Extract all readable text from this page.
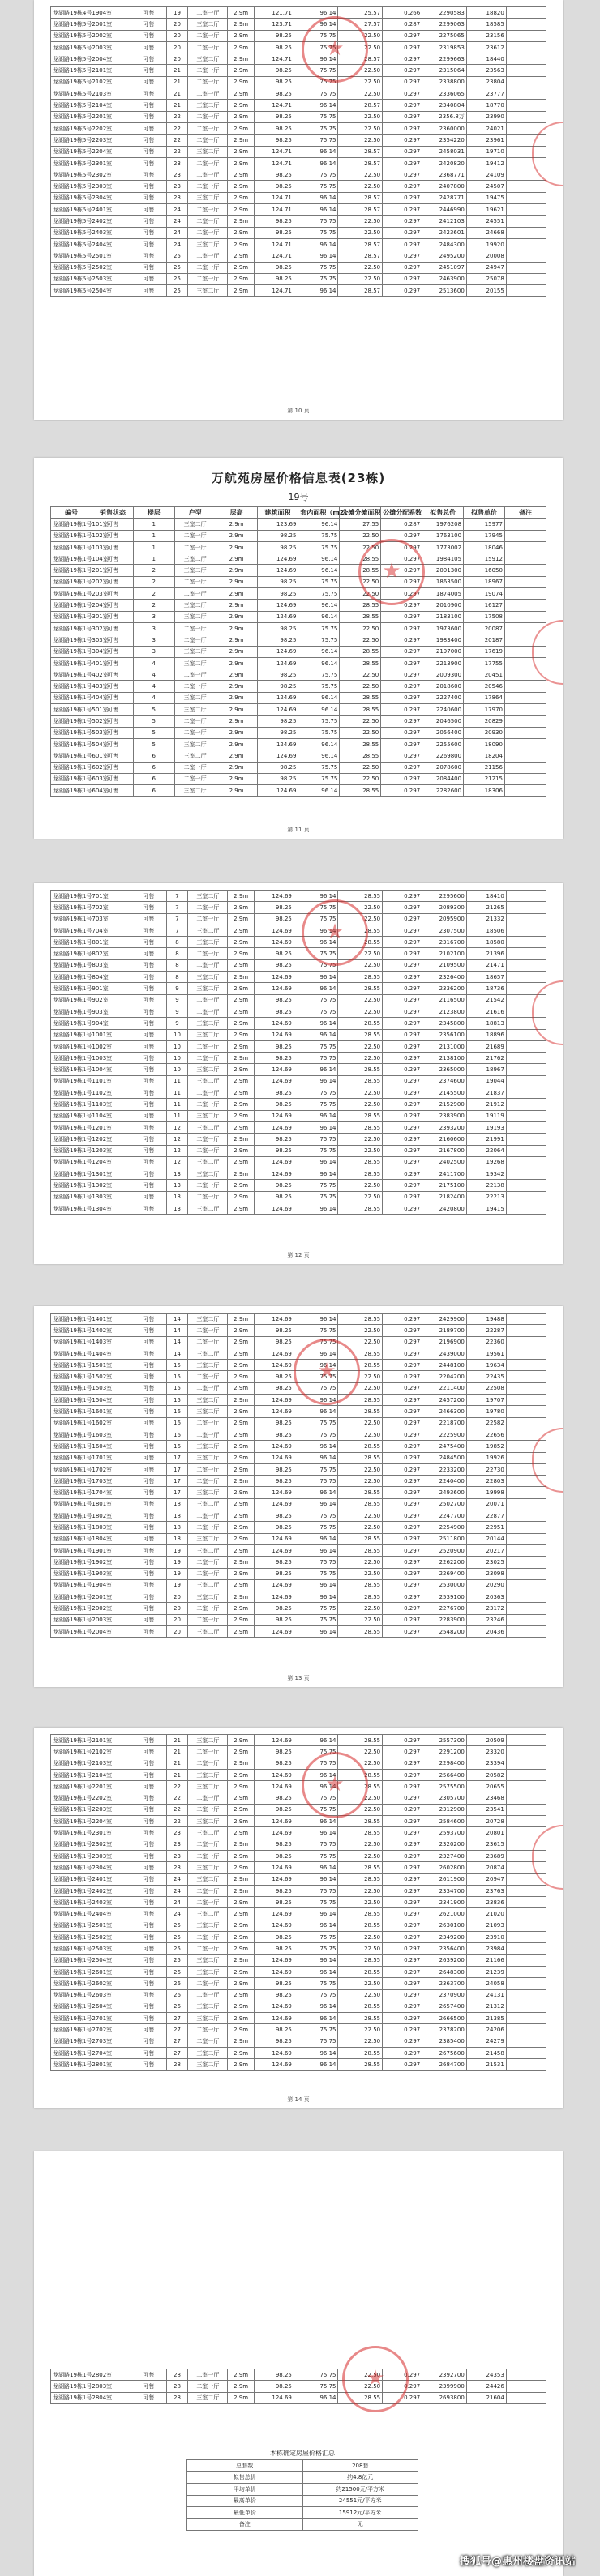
龙湖路19栋4号1904室	可售	19	二室一厅	2.9m	121.71	96.14	25.57	0.266	2290583	18820	
龙湖路19栋5号2001室	可售	20	三室二厅	2.9m	123.71	96.14	27.57	0.287	2299063	18585	
龙湖路19栋5号2002室	可售	20	二室一厅	2.9m	98.25	75.75	22.50	0.297	2275065	23156	
龙湖路19栋5号2003室	可售	20	二室一厅	2.9m	98.25	75.75	22.50	0.297	2319853	23612	
龙湖路19栋5号2004室	可售	20	三室二厅	2.9m	124.71	96.14	28.57	0.297	2299663	18440	
龙湖路19栋5号2101室	可售	21	二室一厅	2.9m	98.25	75.75	22.50	0.297	2315064	23563	
龙湖路19栋5号2102室	可售	21	二室一厅	2.9m	98.25	75.75	22.50	0.297	2338800	23804	
龙湖路19栋5号2103室	可售	21	二室一厅	2.9m	98.25	75.75	22.50	0.297	2336065	23777	
龙湖路19栋5号2104室	可售	21	三室二厅	2.9m	124.71	96.14	28.57	0.297	2340804	18770	
龙湖路19栋5号2201室	可售	22	二室一厅	2.9m	98.25	75.75	22.50	0.297	2356.8万	23990	
龙湖路19栋5号2202室	可售	22	二室一厅	2.9m	98.25	75.75	22.50	0.297	2360000	24021	
龙湖路19栋5号2203室	可售	22	二室一厅	2.9m	98.25	75.75	22.50	0.297	2354220	23961	
龙湖路19栋5号2204室	可售	22	三室二厅	2.9m	124.71	96.14	28.57	0.297	2458031	19710	
龙湖路19栋5号2301室	可售	23	二室一厅	2.9m	124.71	96.14	28.57	0.297	2420820	19412	
龙湖路19栋5号2302室	可售	23	二室一厅	2.9m	98.25	75.75	22.50	0.297	2368771	24109	
龙湖路19栋5号2303室	可售	23	二室一厅	2.9m	98.25	75.75	22.50	0.297	2407800	24507	
龙湖路19栋5号2304室	可售	23	三室二厅	2.9m	124.71	96.14	28.57	0.297	2428771	19475	
龙湖路19栋5号2401室	可售	24	二室一厅	2.9m	124.71	96.14	28.57	0.297	2446990	19621	
龙湖路19栋5号2402室	可售	24	二室一厅	2.9m	98.25	75.75	22.50	0.297	2412103	24551	
龙湖路19栋5号2403室	可售	24	二室一厅	2.9m	98.25	75.75	22.50	0.297	2423601	24668	
龙湖路19栋5号2404室	可售	24	三室二厅	2.9m	124.71	96.14	28.57	0.297	2484300	19920	
龙湖路19栋5号2501室	可售	25	二室一厅	2.9m	124.71	96.14	28.57	0.297	2495200	20008	
龙湖路19栋5号2502室	可售	25	二室一厅	2.9m	98.25	75.75	22.50	0.297	2451097	24947	
龙湖路19栋5号2503室	可售	25	二室一厅	2.9m	98.25	75.75	22.50	0.297	2463900	25078	
龙湖路19栋5号2504室	可售	25	三室二厅	2.9m	124.71	96.14	28.57	0.297	2513600	20155	
第 10 页
★
万航苑房屋价格信息表(23栋)
19号
编号	销售状态	楼层	户型	层高	建筑面积	套内面积（m2）	公摊分摊面积	公摊分配系数	拟售总价	拟售单价	备注
龙湖路19栋1号101室	可售	1	三室二厅	2.9m	123.69	96.14	27.55	0.287	1976208	15977	
龙湖路19栋1号102室	可售	1	二室一厅	2.9m	98.25	75.75	22.50	0.297	1763100	17945	
龙湖路19栋1号103室	可售	1	二室一厅	2.9m	98.25	75.75	22.50	0.297	1773002	18046	
龙湖路19栋1号104室	可售	1	三室二厅	2.9m	124.69	96.14	28.55	0.297	1984105	15912	
龙湖路19栋1号201室	可售	2	三室二厅	2.9m	124.69	96.14	28.55	0.297	2001300	16050	
龙湖路19栋1号202室	可售	2	二室一厅	2.9m	98.25	75.75	22.50	0.297	1863500	18967	
龙湖路19栋1号203室	可售	2	二室一厅	2.9m	98.25	75.75	22.50	0.297	1874005	19074	
龙湖路19栋1号204室	可售	2	三室二厅	2.9m	124.69	96.14	28.55	0.297	2010900	16127	
龙湖路19栋1号301室	可售	3	三室二厅	2.9m	124.69	96.14	28.55	0.297	2183100	17508	
龙湖路19栋1号302室	可售	3	二室一厅	2.9m	98.25	75.75	22.50	0.297	1973600	20087	
龙湖路19栋1号303室	可售	3	二室一厅	2.9m	98.25	75.75	22.50	0.297	1983400	20187	
龙湖路19栋1号304室	可售	3	三室二厅	2.9m	124.69	96.14	28.55	0.297	2197000	17619	
龙湖路19栋1号401室	可售	4	三室二厅	2.9m	124.69	96.14	28.55	0.297	2213900	17755	
龙湖路19栋1号402室	可售	4	二室一厅	2.9m	98.25	75.75	22.50	0.297	2009300	20451	
龙湖路19栋1号403室	可售	4	二室一厅	2.9m	98.25	75.75	22.50	0.297	2018600	20546	
龙湖路19栋1号404室	可售	4	三室二厅	2.9m	124.69	96.14	28.55	0.297	2227400	17864	
龙湖路19栋1号501室	可售	5	三室二厅	2.9m	124.69	96.14	28.55	0.297	2240600	17970	
龙湖路19栋1号502室	可售	5	二室一厅	2.9m	98.25	75.75	22.50	0.297	2046500	20829	
龙湖路19栋1号503室	可售	5	二室一厅	2.9m	98.25	75.75	22.50	0.297	2056400	20930	
龙湖路19栋1号504室	可售	5	三室二厅	2.9m	124.69	96.14	28.55	0.297	2255600	18090	
龙湖路19栋1号601室	可售	6	三室二厅	2.9m	124.69	96.14	28.55	0.297	2269800	18204	
龙湖路19栋1号602室	可售	6	二室一厅	2.9m	98.25	75.75	22.50	0.297	2078600	21156	
龙湖路19栋1号603室	可售	6	二室一厅	2.9m	98.25	75.75	22.50	0.297	2084400	21215	
龙湖路19栋1号604室	可售	6	三室二厅	2.9m	124.69	96.14	28.55	0.297	2282600	18306	
第 11 页
★
龙湖路19栋1号701室	可售	7	三室二厅	2.9m	124.69	96.14	28.55	0.297	2295600	18410	
龙湖路19栋1号702室	可售	7	二室一厅	2.9m	98.25	75.75	22.50	0.297	2089300	21265	
龙湖路19栋1号703室	可售	7	二室一厅	2.9m	98.25	75.75	22.50	0.297	2095900	21332	
龙湖路19栋1号704室	可售	7	三室二厅	2.9m	124.69	96.14	28.55	0.297	2307500	18506	
龙湖路19栋1号801室	可售	8	三室二厅	2.9m	124.69	96.14	28.55	0.297	2316700	18580	
龙湖路19栋1号802室	可售	8	二室一厅	2.9m	98.25	75.75	22.50	0.297	2102100	21396	
龙湖路19栋1号803室	可售	8	二室一厅	2.9m	98.25	75.75	22.50	0.297	2109500	21471	
龙湖路19栋1号804室	可售	8	三室二厅	2.9m	124.69	96.14	28.55	0.297	2326400	18657	
龙湖路19栋1号901室	可售	9	三室二厅	2.9m	124.69	96.14	28.55	0.297	2336200	18736	
龙湖路19栋1号902室	可售	9	二室一厅	2.9m	98.25	75.75	22.50	0.297	2116500	21542	
龙湖路19栋1号903室	可售	9	二室一厅	2.9m	98.25	75.75	22.50	0.297	2123800	21616	
龙湖路19栋1号904室	可售	9	三室二厅	2.9m	124.69	96.14	28.55	0.297	2345800	18813	
龙湖路19栋1号1001室	可售	10	三室二厅	2.9m	124.69	96.14	28.55	0.297	2356100	18896	
龙湖路19栋1号1002室	可售	10	二室一厅	2.9m	98.25	75.75	22.50	0.297	2131000	21689	
龙湖路19栋1号1003室	可售	10	二室一厅	2.9m	98.25	75.75	22.50	0.297	2138100	21762	
龙湖路19栋1号1004室	可售	10	三室二厅	2.9m	124.69	96.14	28.55	0.297	2365000	18967	
龙湖路19栋1号1101室	可售	11	三室二厅	2.9m	124.69	96.14	28.55	0.297	2374600	19044	
龙湖路19栋1号1102室	可售	11	二室一厅	2.9m	98.25	75.75	22.50	0.297	2145500	21837	
龙湖路19栋1号1103室	可售	11	二室一厅	2.9m	98.25	75.75	22.50	0.297	2152900	21912	
龙湖路19栋1号1104室	可售	11	三室二厅	2.9m	124.69	96.14	28.55	0.297	2383900	19119	
龙湖路19栋1号1201室	可售	12	三室二厅	2.9m	124.69	96.14	28.55	0.297	2393200	19193	
龙湖路19栋1号1202室	可售	12	二室一厅	2.9m	98.25	75.75	22.50	0.297	2160600	21991	
龙湖路19栋1号1203室	可售	12	二室一厅	2.9m	98.25	75.75	22.50	0.297	2167800	22064	
龙湖路19栋1号1204室	可售	12	三室二厅	2.9m	124.69	96.14	28.55	0.297	2402500	19268	
龙湖路19栋1号1301室	可售	13	三室二厅	2.9m	124.69	96.14	28.55	0.297	2411700	19342	
龙湖路19栋1号1302室	可售	13	二室一厅	2.9m	98.25	75.75	22.50	0.297	2175100	22138	
龙湖路19栋1号1303室	可售	13	二室一厅	2.9m	98.25	75.75	22.50	0.297	2182400	22213	
龙湖路19栋1号1304室	可售	13	三室二厅	2.9m	124.69	96.14	28.55	0.297	2420800	19415	
第 12 页
★
龙湖路19栋1号1401室	可售	14	三室二厅	2.9m	124.69	96.14	28.55	0.297	2429900	19488	
龙湖路19栋1号1402室	可售	14	二室一厅	2.9m	98.25	75.75	22.50	0.297	2189700	22287	
龙湖路19栋1号1403室	可售	14	二室一厅	2.9m	98.25	75.75	22.50	0.297	2196900	22360	
龙湖路19栋1号1404室	可售	14	三室二厅	2.9m	124.69	96.14	28.55	0.297	2439000	19561	
龙湖路19栋1号1501室	可售	15	三室二厅	2.9m	124.69	96.14	28.55	0.297	2448100	19634	
龙湖路19栋1号1502室	可售	15	二室一厅	2.9m	98.25	75.75	22.50	0.297	2204200	22435	
龙湖路19栋1号1503室	可售	15	二室一厅	2.9m	98.25	75.75	22.50	0.297	2211400	22508	
龙湖路19栋1号1504室	可售	15	三室二厅	2.9m	124.69	96.14	28.55	0.297	2457200	19707	
龙湖路19栋1号1601室	可售	16	三室二厅	2.9m	124.69	96.14	28.55	0.297	2466300	19780	
龙湖路19栋1号1602室	可售	16	二室一厅	2.9m	98.25	75.75	22.50	0.297	2218700	22582	
龙湖路19栋1号1603室	可售	16	二室一厅	2.9m	98.25	75.75	22.50	0.297	2225900	22656	
龙湖路19栋1号1604室	可售	16	三室二厅	2.9m	124.69	96.14	28.55	0.297	2475400	19852	
龙湖路19栋1号1701室	可售	17	三室二厅	2.9m	124.69	96.14	28.55	0.297	2484500	19926	
龙湖路19栋1号1702室	可售	17	二室一厅	2.9m	98.25	75.75	22.50	0.297	2233200	22730	
龙湖路19栋1号1703室	可售	17	二室一厅	2.9m	98.25	75.75	22.50	0.297	2240400	22803	
龙湖路19栋1号1704室	可售	17	三室二厅	2.9m	124.69	96.14	28.55	0.297	2493600	19998	
龙湖路19栋1号1801室	可售	18	三室二厅	2.9m	124.69	96.14	28.55	0.297	2502700	20071	
龙湖路19栋1号1802室	可售	18	二室一厅	2.9m	98.25	75.75	22.50	0.297	2247700	22877	
龙湖路19栋1号1803室	可售	18	二室一厅	2.9m	98.25	75.75	22.50	0.297	2254900	22951	
龙湖路19栋1号1804室	可售	18	三室二厅	2.9m	124.69	96.14	28.55	0.297	2511800	20144	
龙湖路19栋1号1901室	可售	19	三室二厅	2.9m	124.69	96.14	28.55	0.297	2520900	20217	
龙湖路19栋1号1902室	可售	19	二室一厅	2.9m	98.25	75.75	22.50	0.297	2262200	23025	
龙湖路19栋1号1903室	可售	19	二室一厅	2.9m	98.25	75.75	22.50	0.297	2269400	23098	
龙湖路19栋1号1904室	可售	19	三室二厅	2.9m	124.69	96.14	28.55	0.297	2530000	20290	
龙湖路19栋1号2001室	可售	20	三室二厅	2.9m	124.69	96.14	28.55	0.297	2539100	20363	
龙湖路19栋1号2002室	可售	20	二室一厅	2.9m	98.25	75.75	22.50	0.297	2276700	23172	
龙湖路19栋1号2003室	可售	20	二室一厅	2.9m	98.25	75.75	22.50	0.297	2283900	23246	
龙湖路19栋1号2004室	可售	20	三室二厅	2.9m	124.69	96.14	28.55	0.297	2548200	20436	
第 13 页
★
龙湖路19栋1号2101室	可售	21	三室二厅	2.9m	124.69	96.14	28.55	0.297	2557300	20509	
龙湖路19栋1号2102室	可售	21	二室一厅	2.9m	98.25	75.75	22.50	0.297	2291200	23320	
龙湖路19栋1号2103室	可售	21	二室一厅	2.9m	98.25	75.75	22.50	0.297	2298400	23394	
龙湖路19栋1号2104室	可售	21	三室二厅	2.9m	124.69	96.14	28.55	0.297	2566400	20582	
龙湖路19栋1号2201室	可售	22	三室二厅	2.9m	124.69	96.14	28.55	0.297	2575500	20655	
龙湖路19栋1号2202室	可售	22	二室一厅	2.9m	98.25	75.75	22.50	0.297	2305700	23468	
龙湖路19栋1号2203室	可售	22	二室一厅	2.9m	98.25	75.75	22.50	0.297	2312900	23541	
龙湖路19栋1号2204室	可售	22	三室二厅	2.9m	124.69	96.14	28.55	0.297	2584600	20728	
龙湖路19栋1号2301室	可售	23	三室二厅	2.9m	124.69	96.14	28.55	0.297	2593700	20801	
龙湖路19栋1号2302室	可售	23	二室一厅	2.9m	98.25	75.75	22.50	0.297	2320200	23615	
龙湖路19栋1号2303室	可售	23	二室一厅	2.9m	98.25	75.75	22.50	0.297	2327400	23689	
龙湖路19栋1号2304室	可售	23	三室二厅	2.9m	124.69	96.14	28.55	0.297	2602800	20874	
龙湖路19栋1号2401室	可售	24	三室二厅	2.9m	124.69	96.14	28.55	0.297	2611900	20947	
龙湖路19栋1号2402室	可售	24	二室一厅	2.9m	98.25	75.75	22.50	0.297	2334700	23763	
龙湖路19栋1号2403室	可售	24	二室一厅	2.9m	98.25	75.75	22.50	0.297	2341900	23836	
龙湖路19栋1号2404室	可售	24	三室二厅	2.9m	124.69	96.14	28.55	0.297	2621000	21020	
龙湖路19栋1号2501室	可售	25	三室二厅	2.9m	124.69	96.14	28.55	0.297	2630100	21093	
龙湖路19栋1号2502室	可售	25	二室一厅	2.9m	98.25	75.75	22.50	0.297	2349200	23910	
龙湖路19栋1号2503室	可售	25	二室一厅	2.9m	98.25	75.75	22.50	0.297	2356400	23984	
龙湖路19栋1号2504室	可售	25	三室二厅	2.9m	124.69	96.14	28.55	0.297	2639200	21166	
龙湖路19栋1号2601室	可售	26	三室二厅	2.9m	124.69	96.14	28.55	0.297	2648300	21239	
龙湖路19栋1号2602室	可售	26	二室一厅	2.9m	98.25	75.75	22.50	0.297	2363700	24058	
龙湖路19栋1号2603室	可售	26	二室一厅	2.9m	98.25	75.75	22.50	0.297	2370900	24131	
龙湖路19栋1号2604室	可售	26	三室二厅	2.9m	124.69	96.14	28.55	0.297	2657400	21312	
龙湖路19栋1号2701室	可售	27	三室二厅	2.9m	124.69	96.14	28.55	0.297	2666500	21385	
龙湖路19栋1号2702室	可售	27	二室一厅	2.9m	98.25	75.75	22.50	0.297	2378200	24206	
龙湖路19栋1号2703室	可售	27	二室一厅	2.9m	98.25	75.75	22.50	0.297	2385400	24279	
龙湖路19栋1号2704室	可售	27	三室二厅	2.9m	124.69	96.14	28.55	0.297	2675600	21458	
龙湖路19栋1号2801室	可售	28	三室二厅	2.9m	124.69	96.14	28.55	0.297	2684700	21531	
第 14 页
★
龙湖路19栋1号2802室	可售	28	二室一厅	2.9m	98.25	75.75	22.50	0.297	2392700	24353	
龙湖路19栋1号2803室	可售	28	二室一厅	2.9m	98.25	75.75	22.50	0.297	2399900	24426	
龙湖路19栋1号2804室	可售	28	三室二厅	2.9m	124.69	96.14	28.55	0.297	2693800	21604	
★
本栋确定房屋价格汇总
总套数	208套
拟售总价	约4.8亿元
平均单价	约21500元/平方米
最高单价	24551元/平方米
最低单价	15912元/平方米
备注	无
搜狐号@惠州楼盘资讯站
